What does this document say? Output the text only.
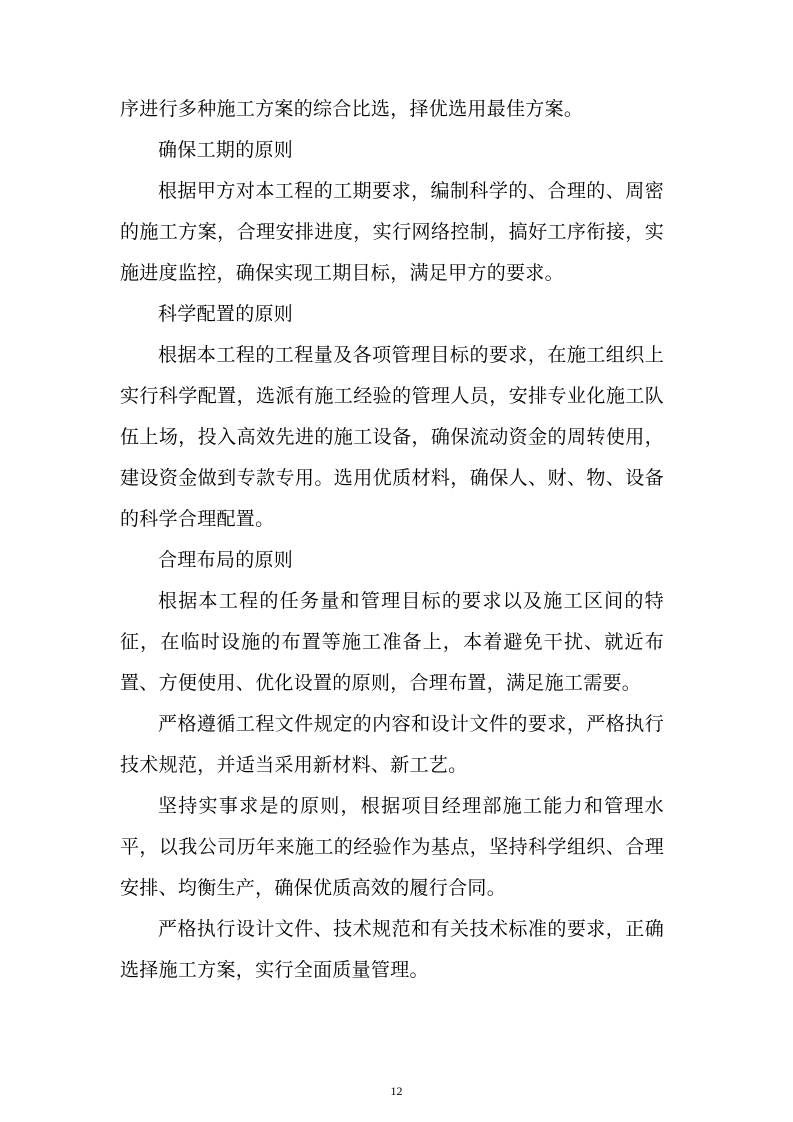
序进行多种施工方案的综合比选，择优选用最佳方案。

确保工期的原则

根据甲方对本工程的工期要求，编制科学的、合理的、周密的施工方案，合理安排进度，实行网络控制，搞好工序衔接，实施进度监控，确保实现工期目标，满足甲方的要求。

科学配置的原则

根据本工程的工程量及各项管理目标的要求，在施工组织上实行科学配置，选派有施工经验的管理人员，安排专业化施工队伍上场，投入高效先进的施工设备，确保流动资金的周转使用，建设资金做到专款专用。选用优质材料，确保人、财、物、设备的科学合理配置。

合理布局的原则

根据本工程的任务量和管理目标的要求以及施工区间的特征，在临时设施的布置等施工准备上，本着避免干扰、就近布置、方便使用、优化设置的原则，合理布置，满足施工需要。

严格遵循工程文件规定的内容和设计文件的要求，严格执行技术规范，并适当采用新材料、新工艺。

坚持实事求是的原则，根据项目经理部施工能力和管理水平，以我公司历年来施工的经验作为基点，坚持科学组织、合理安排、均衡生产，确保优质高效的履行合同。

严格执行设计文件、技术规范和有关技术标准的要求，正确选择施工方案，实行全面质量管理。

12
